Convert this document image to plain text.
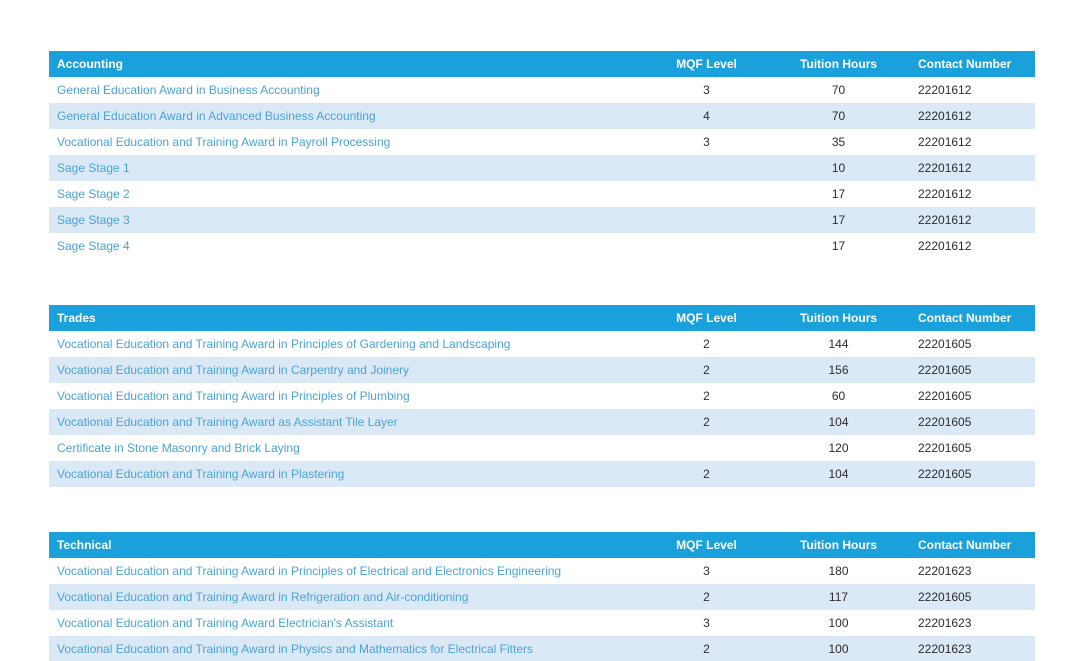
Accounting	MQF Level	Tuition Hours	Contact Number
General Education Award in Business Accounting	3	70	22201612
General Education Award in Advanced Business Accounting	4	70	22201612
Vocational Education and Training Award in Payroll Processing	3	35	22201612
Sage Stage 1		10	22201612
Sage Stage 2		17	22201612
Sage Stage 3		17	22201612
Sage Stage 4		17	22201612
Trades	MQF Level	Tuition Hours	Contact Number
Vocational Education and Training Award in Principles of Gardening and Landscaping	2	144	22201605
Vocational Education and Training Award in Carpentry and Joinery	2	156	22201605
Vocational Education and Training Award in Principles of Plumbing	2	60	22201605
Vocational Education and Training Award as Assistant Tile Layer	2	104	22201605
Certificate in Stone Masonry and Brick Laying		120	22201605
Vocational Education and Training Award in Plastering	2	104	22201605
Technical	MQF Level	Tuition Hours	Contact Number
Vocational Education and Training Award in Principles of Electrical and Electronics Engineering	3	180	22201623
Vocational Education and Training Award in Refrigeration and Air-conditioning	2	117	22201605
Vocational Education and Training Award Electrician's Assistant	3	100	22201623
Vocational Education and Training Award in Physics and Mathematics for Electrical Fitters	2	100	22201623
